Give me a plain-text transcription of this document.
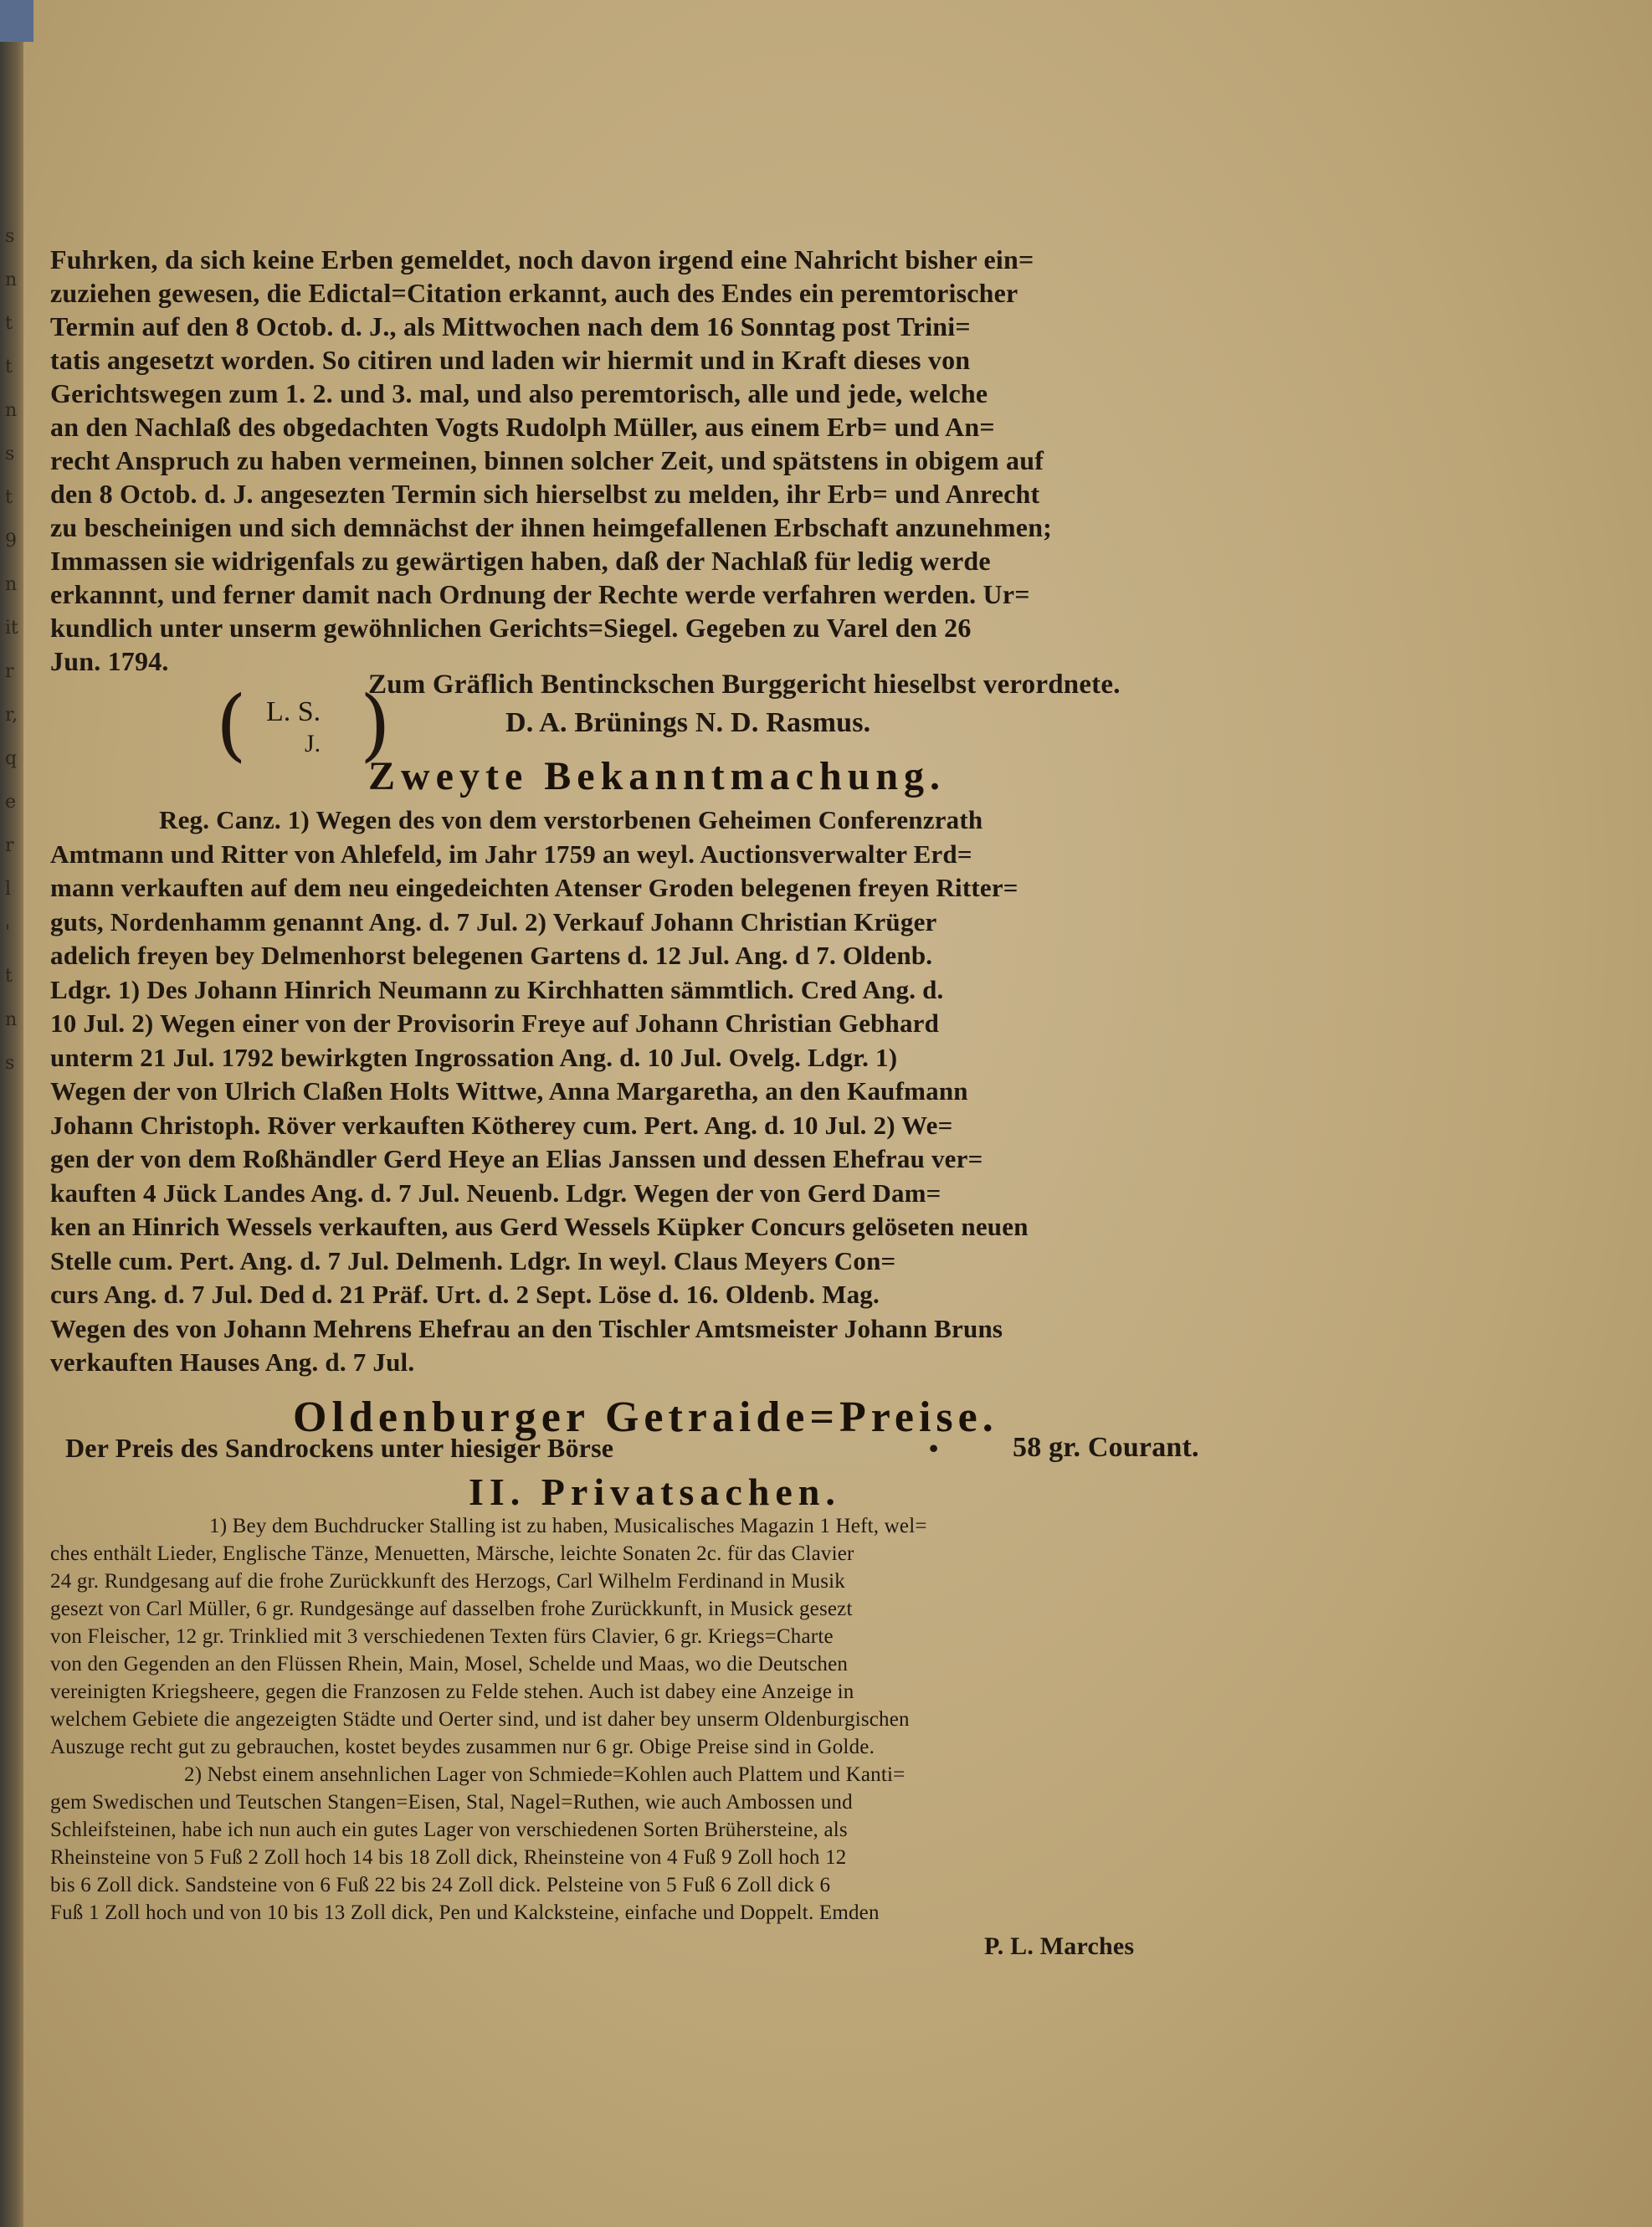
s
n
t
t
n
s
t
9
n
it
r
r,
q
e
r
l
'
t
n
s
Fuhrken, da sich keine Erben gemeldet, noch davon irgend eine Nahricht bisher ein=
zuziehen gewesen, die Edictal=Citation erkannt, auch des Endes ein peremtorischer
Termin auf den 8 Octob. d. J., als Mittwochen nach dem 16 Sonntag post Trini=
tatis angesetzt worden. So citiren und laden wir hiermit und in Kraft dieses von
Gerichtswegen zum 1. 2. und 3. mal, und also peremtorisch, alle und jede, welche
an den Nachlaß des obgedachten Vogts Rudolph Müller, aus einem Erb= und An=
recht Anspruch zu haben vermeinen, binnen solcher Zeit, und spätstens in obigem auf
den 8 Octob. d. J. angesezten Termin sich hierselbst zu melden, ihr Erb= und Anrecht
zu bescheinigen und sich demnächst der ihnen heimgefallenen Erbschaft anzunehmen;
Immassen sie widrigenfals zu gewärtigen haben, daß der Nachlaß für ledig werde
erkannnt, und ferner damit nach Ordnung der Rechte werde verfahren werden. Ur=
kundlich unter unserm gewöhnlichen Gerichts=Siegel. Gegeben zu Varel den 26
Jun. 1794.
Zum Gräflich Bentinckschen Burggericht hieselbst verordnete.
( L. S.
J. )	D. A. Brünings N. D. Rasmus.
Zweyte Bekanntmachung.
Reg. Canz. 1) Wegen des von dem verstorbenen Geheimen Conferenzrath
Amtmann und Ritter von Ahlefeld, im Jahr 1759 an weyl. Auctionsverwalter Erd=
mann verkauften auf dem neu eingedeichten Atenser Groden belegenen freyen Ritter=
guts, Nordenhamm genannt Ang. d. 7 Jul. 2) Verkauf Johann Christian Krüger
adelich freyen bey Delmenhorst belegenen Gartens d. 12 Jul. Ang. d 7. Oldenb.
Ldgr. 1) Des Johann Hinrich Neumann zu Kirchhatten sämmtlich. Cred Ang. d.
10 Jul. 2) Wegen einer von der Provisorin Freye auf Johann Christian Gebhard
unterm 21 Jul. 1792 bewirkgten Ingrossation Ang. d. 10 Jul. Ovelg. Ldgr. 1)
Wegen der von Ulrich Claßen Holts Wittwe, Anna Margaretha, an den Kaufmann
Johann Christoph. Röver verkauften Kötherey cum. Pert. Ang. d. 10 Jul. 2) We=
gen der von dem Roßhändler Gerd Heye an Elias Janssen und dessen Ehefrau ver=
kauften 4 Jück Landes Ang. d. 7 Jul. Neuenb. Ldgr. Wegen der von Gerd Dam=
ken an Hinrich Wessels verkauften, aus Gerd Wessels Küpker Concurs gelöseten neuen
Stelle cum. Pert. Ang. d. 7 Jul. Delmenh. Ldgr. In weyl. Claus Meyers Con=
curs Ang. d. 7 Jul. Ded d. 21 Präf. Urt. d. 2 Sept. Löse d. 16. Oldenb. Mag.
Wegen des von Johann Mehrens Ehefrau an den Tischler Amtsmeister Johann Bruns
verkauften Hauses Ang. d. 7 Jul.
Oldenburger Getraide=Preise.
Der Preis des Sandrockens unter hiesiger Börse	•	58 gr. Courant.
II. Privatsachen.
1) Bey dem Buchdrucker Stalling ist zu haben, Musicalisches Magazin 1 Heft, wel=
ches enthält Lieder, Englische Tänze, Menuetten, Märsche, leichte Sonaten 2c. für das Clavier
24 gr. Rundgesang auf die frohe Zurückkunft des Herzogs, Carl Wilhelm Ferdinand in Musik
gesezt von Carl Müller, 6 gr. Rundgesänge auf dasselben frohe Zurückkunft, in Musick gesezt
von Fleischer, 12 gr. Trinklied mit 3 verschiedenen Texten fürs Clavier, 6 gr. Kriegs=Charte
von den Gegenden an den Flüssen Rhein, Main, Mosel, Schelde und Maas, wo die Deutschen
vereinigten Kriegsheere, gegen die Franzosen zu Felde stehen. Auch ist dabey eine Anzeige in
welchem Gebiete die angezeigten Städte und Oerter sind, und ist daher bey unserm Oldenburgischen
Auszuge recht gut zu gebrauchen, kostet beydes zusammen nur 6 gr. Obige Preise sind in Golde.
2) Nebst einem ansehnlichen Lager von Schmiede=Kohlen auch Plattem und Kanti=
gem Swedischen und Teutschen Stangen=Eisen, Stal, Nagel=Ruthen, wie auch Ambossen und
Schleifsteinen, habe ich nun auch ein gutes Lager von verschiedenen Sorten Brühersteine, als
Rheinsteine von 5 Fuß 2 Zoll hoch 14 bis 18 Zoll dick, Rheinsteine von 4 Fuß 9 Zoll hoch 12
bis 6 Zoll dick. Sandsteine von 6 Fuß 22 bis 24 Zoll dick. Pelsteine von 5 Fuß 6 Zoll dick 6
Fuß 1 Zoll hoch und von 10 bis 13 Zoll dick, Pen und Kalcksteine, einfache und Doppelt. Emden
P. L. Marches
